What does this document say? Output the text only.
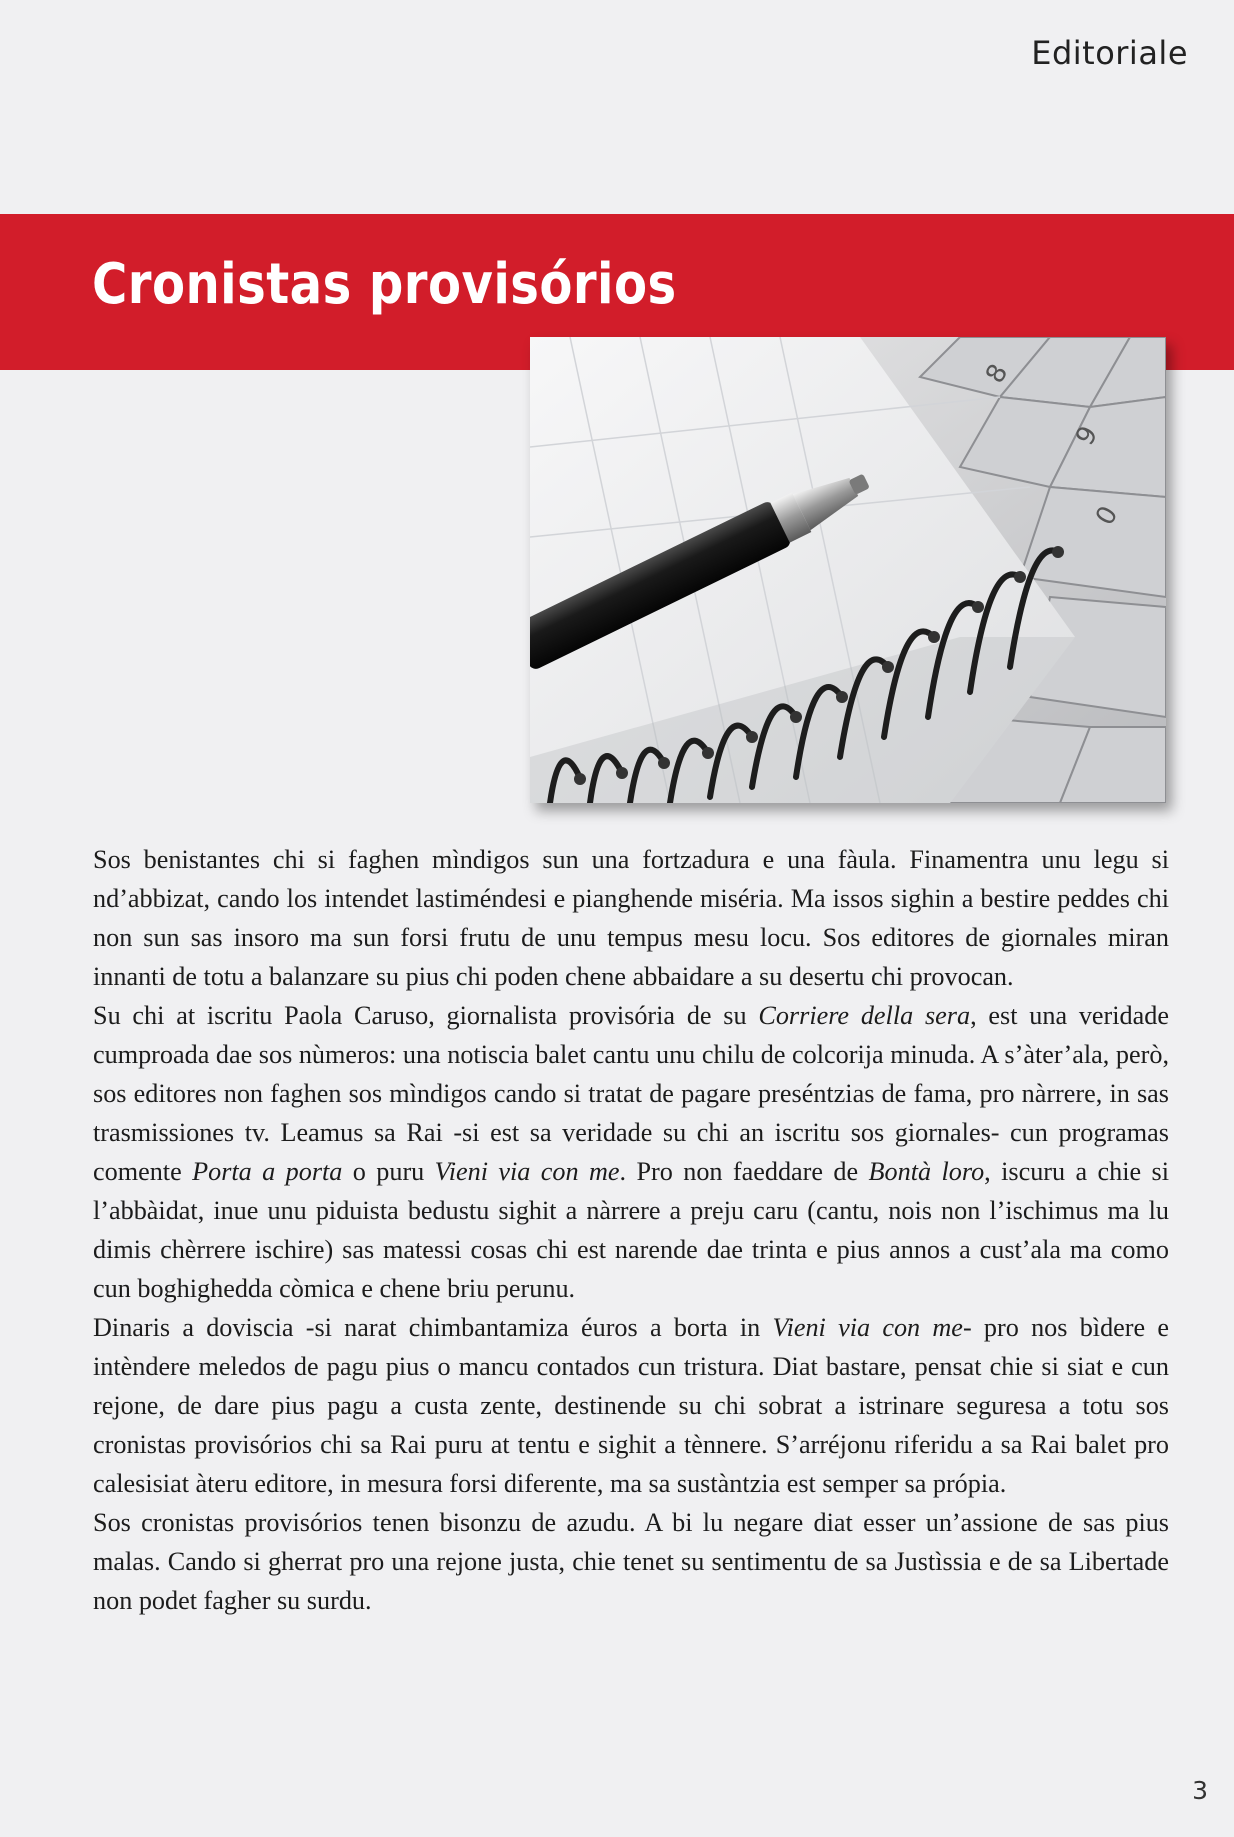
Editoriale
Cronistas provisórios
8
9
0

Sos benistantes chi si faghen mìndigos sun una fortzadura e una fàula. Finamentra unu legu si nd’abbizat, cando los intendet lastiméndesi e pianghende miséria. Ma issos sighin a bestire peddes chi non sun sas insoro ma sun forsi frutu de unu tempus mesu locu. Sos editores de giornales miran innanti de totu a balanzare su pius chi poden chene abbaidare a su desertu chi provocan.

Su chi at iscritu Paola Caruso, giornalista provisória de su Corriere della sera, est una veridade cumproada dae sos nùmeros: una notiscia balet cantu unu chilu de colcorija minuda. A s’àter’ala, però, sos editores non faghen sos mìndigos cando si tratat de pagare preséntzias de fama, pro nàrrere, in sas trasmissiones tv. Leamus sa Rai -si est sa veridade su chi an iscritu sos giornales- cun programas comente Porta a porta o puru Vieni via con me. Pro non faeddare de Bontà loro, iscuru a chie si l’abbàidat, inue unu piduista bedustu sighit a nàrrere a preju caru (cantu, nois non l’ischimus ma lu dimis chèrrere ischire) sas matessi cosas chi est narende dae trinta e pius annos a cust’ala ma como cun boghighedda còmica e chene briu perunu.

Dinaris a doviscia -si narat chimbantamiza éuros a borta in Vieni via con me- pro nos bìdere e intèndere meledos de pagu pius o mancu contados cun tristura. Diat bastare, pensat chie si siat e cun rejone, de dare pius pagu a custa zente, destinende su chi sobrat a istrinare seguresa a totu sos cronistas provisórios chi sa Rai puru at tentu e sighit a tènnere. S’arréjonu riferidu a sa Rai balet pro calesisiat àteru editore, in mesura forsi diferente, ma sa sustàntzia est semper sa própia.

Sos cronistas provisórios tenen bisonzu de azudu. A bi lu negare diat esser un’assione de sas pius malas. Cando si gherrat pro una rejone justa, chie tenet su sentimentu de sa Justìssia e de sa Libertade non podet fagher su surdu.

3
